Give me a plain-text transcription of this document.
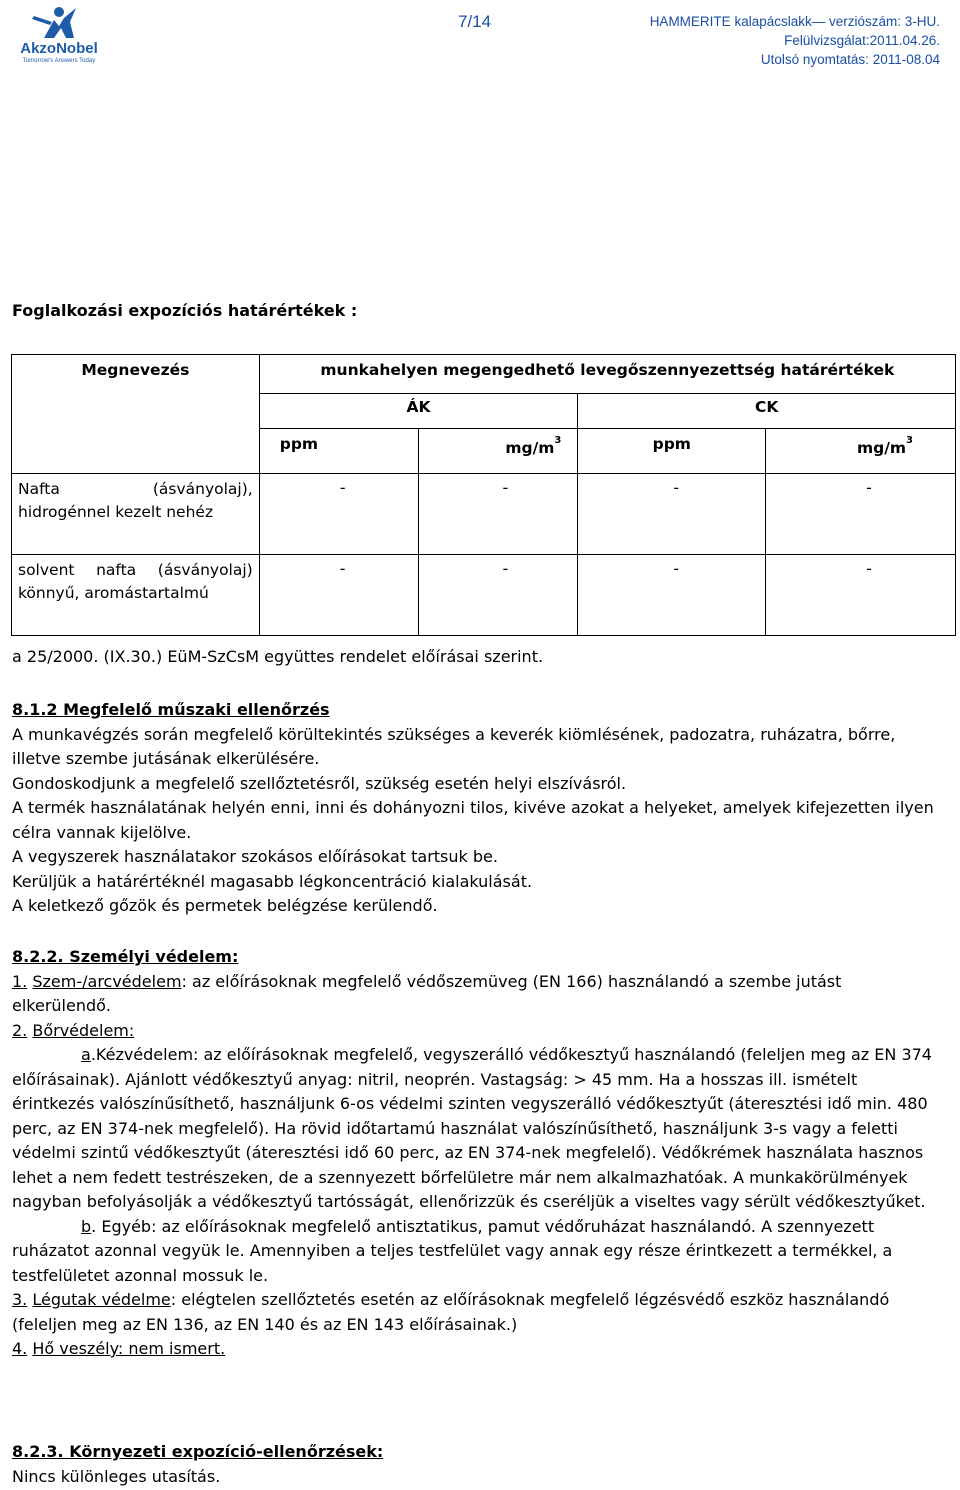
AkzoNobel
Tomorrow's Answers Today
7/14	HAMMERITE kalapácslakk— verziószám: 3-HU.
Felülvizsgálat:2011.04.26.
Utolsó nyomtatás: 2011-08.04
Foglalkozási expozíciós határértékek :
Megnevezés	munkahelyen megengedhető levegőszennyezettség határértékek			
	ÁK		CK	
	ppm	$mg/m^3$	ppm	$mg/m^3$
Nafta (ásványolaj), hidrogénnel kezelt nehéz	-	-	-	-
solvent nafta (ásványolaj) könnyű, aromástartalmú	-	-	-	-
a 25/2000. (IX.30.) EüM-SzCsM együttes rendelet előírásai szerint.

8.1.2 Megfelelő műszaki ellenőrzés

A munkavégzés során megfelelő körültekintés szükséges a keverék kiömlésének, padozatra, ruházatra, bőrre, illetve szembe jutásának elkerülésére.

Gondoskodjunk a megfelelő szellőztetésről, szükség esetén helyi elszívásról.

A termék használatának helyén enni, inni és dohányozni tilos, kivéve azokat a helyeket, amelyek kifejezetten ilyen célra vannak kijelölve.

A vegyszerek használatakor szokásos előírásokat tartsuk be.

Kerüljük a határértéknél magasabb légkoncentráció kialakulását.

A keletkező gőzök és permetek belégzése kerülendő.

8.2.2. Személyi védelem:

1. Szem-/arcvédelem: az előírásoknak megfelelő védőszemüveg (EN 166) használandó a szembe jutást elkerülendő.

2. Bőrvédelem:

a.Kézvédelem: az előírásoknak megfelelő, vegyszerálló védőkesztyű használandó (feleljen meg az EN 374 előírásainak). Ajánlott védőkesztyű anyag: nitril, neoprén. Vastagság: > 45 mm. Ha a hosszas ill. ismételt érintkezés valószínűsíthető, használjunk 6-os védelmi szinten vegyszerálló védőkesztyűt (áteresztési idő min. 480 perc, az EN 374-nek megfelelő). Ha rövid időtartamú használat valószínűsíthető, használjunk 3-s vagy a feletti védelmi szintű védőkesztyűt (áteresztési idő 60 perc, az EN 374-nek megfelelő). Védőkrémek használata hasznos lehet a nem fedett testrészeken, de a szennyezett bőrfelületre már nem alkalmazhatóak. A munkakörülmények nagyban befolyásolják a védőkesztyű tartósságát, ellenőrizzük és cseréljük a viseltes vagy sérült védőkesztyűket.

b. Egyéb: az előírásoknak megfelelő antisztatikus, pamut védőruházat használandó. A szennyezett ruházatot azonnal vegyük le. Amennyiben a teljes testfelület vagy annak egy része érintkezett a termékkel, a testfelületet azonnal mossuk le.

3. Légutak védelme: elégtelen szellőztetés esetén az előírásoknak megfelelő légzésvédő eszköz használandó (feleljen meg az EN 136, az EN 140 és az EN 143 előírásainak.)

4. Hő veszély: nem ismert.

8.2.3. Környezeti expozíció-ellenőrzések:

Nincs különleges utasítás.
